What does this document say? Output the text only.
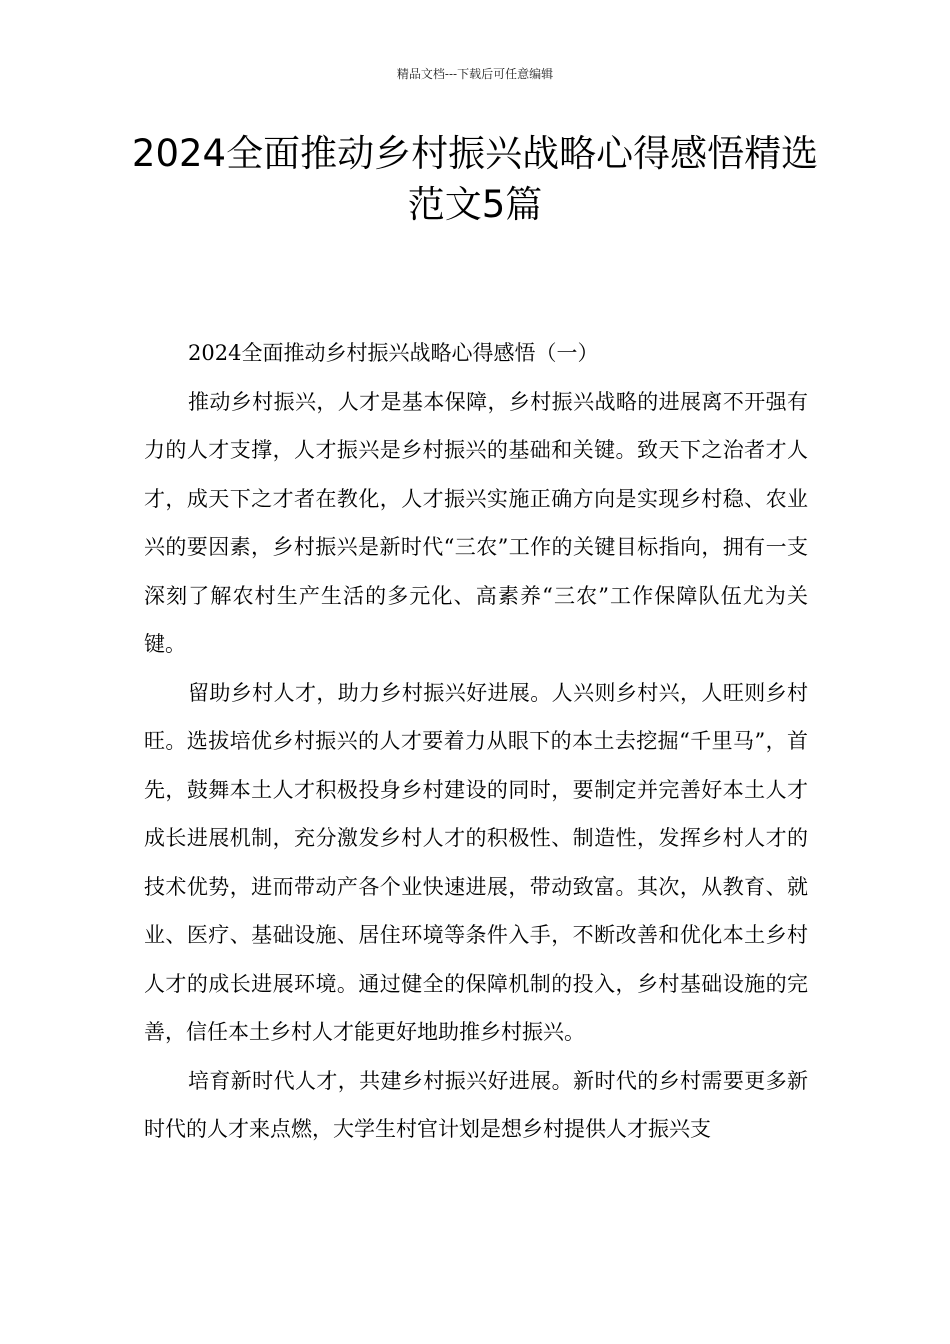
精品文档---下载后可任意编辑
2024全面推动乡村振兴战略心得感悟精选范文5篇

2024全面推动乡村振兴战略心得感悟（一）

推动乡村振兴，人才是基本保障，乡村振兴战略的进展离不开强有力的人才支撑，人才振兴是乡村振兴的基础和关键。致天下之治者才人才，成天下之才者在教化，人才振兴实施正确方向是实现乡村稳、农业兴的要因素，乡村振兴是新时代“三农”工作的关键目标指向，拥有一支深刻了解农村生产生活的多元化、高素养“三农”工作保障队伍尤为关键。

留助乡村人才，助力乡村振兴好进展。人兴则乡村兴，人旺则乡村旺。选拔培优乡村振兴的人才要着力从眼下的本土去挖掘“千里马”，首先，鼓舞本土人才积极投身乡村建设的同时，要制定并完善好本土人才成长进展机制，充分激发乡村人才的积极性、制造性，发挥乡村人才的技术优势，进而带动产各个业快速进展，带动致富。其次，从教育、就业、医疗、基础设施、居住环境等条件入手，不断改善和优化本土乡村人才的成长进展环境。通过健全的保障机制的投入，乡村基础设施的完善，信任本土乡村人才能更好地助推乡村振兴。

培育新时代人才，共建乡村振兴好进展。新时代的乡村需要更多新时代的人才来点燃，大学生村官计划是想乡村提供人才振兴支
